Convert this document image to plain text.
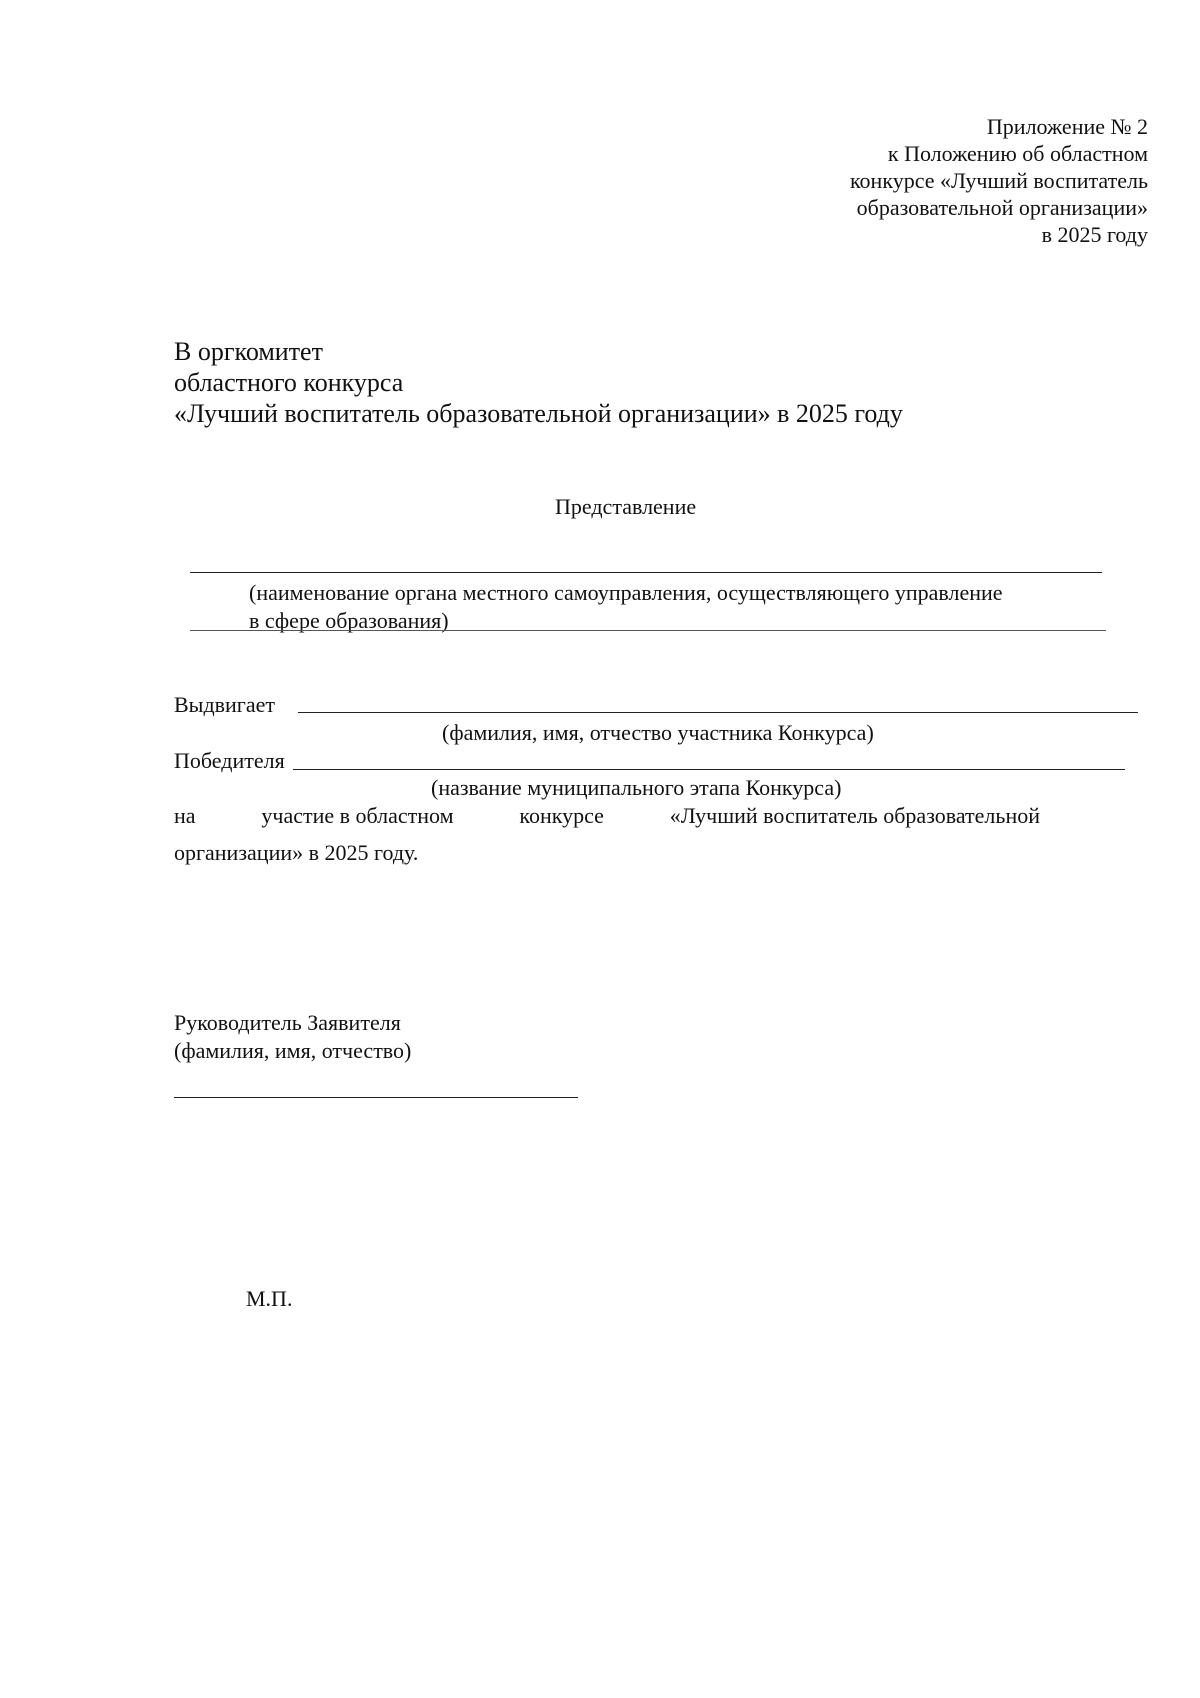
Приложение № 2
к Положению об областном
конкурсе «Лучший воспитатель
образовательной организации»
в 2025 году
В оргкомитет
областного конкурса
«Лучший воспитатель образовательной организации» в 2025 году
Представление
(наименование органа местного самоуправления, осуществляющего управление
в сфере образования)
Выдвигает
(фамилия, имя, отчество участника Конкурса)
Победителя
(название муниципального этапа Конкурса)
на	участие в областном	конкурсе	«Лучший воспитатель образовательной
организации» в 2025 году.
Руководитель Заявителя
(фамилия, имя, отчество)
М.П.
